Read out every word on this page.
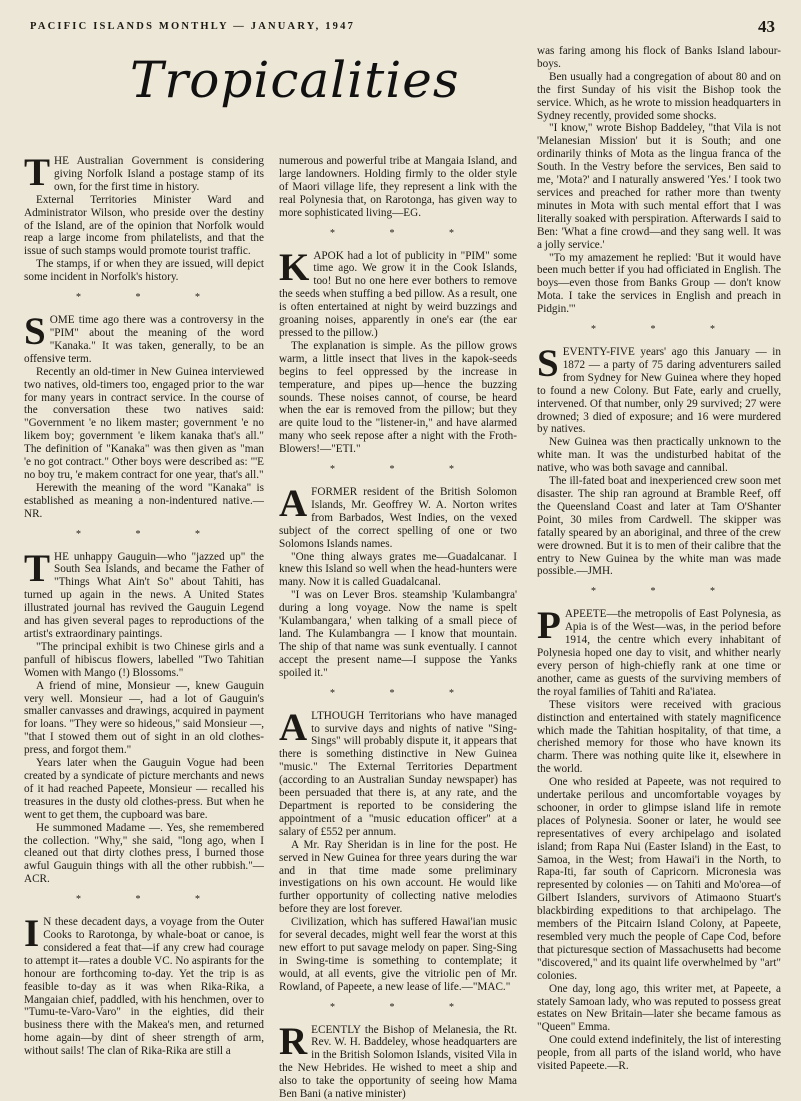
PACIFIC ISLANDS MONTHLY — JANUARY, 1947	43
Tropicalities

THE Australian Government is considering giving Norfolk Island a postage stamp of its own, for the first time in history.

External Territories Minister Ward and Administrator Wilson, who preside over the destiny of the Island, are of the opinion that Norfolk would reap a large income from philatelists, and that the issue of such stamps would promote tourist traffic.

The stamps, if or when they are issued, will depict some incident in Norfolk's history.

* * *

SOME time ago there was a controversy in the "PIM" about the meaning of the word "Kanaka." It was taken, generally, to be an offensive term.

Recently an old-timer in New Guinea interviewed two natives, old-timers too, engaged prior to the war for many years in contract service. In the course of the conversation these two natives said: "Government 'e no likem master; government 'e no likem boy; government 'e likem kanaka that's all." The definition of "Kanaka" was then given as "man 'e no got contract." Other boys were described as: "'E no boy tru, 'e makem contract for one year, that's all."

Herewith the meaning of the word "Kanaka" is established as meaning a non-indentured native.—NR.

* * *

THE unhappy Gauguin—who "jazzed up" the South Sea Islands, and became the Father of "Things What Ain't So" about Tahiti, has turned up again in the news. A United States illustrated journal has revived the Gauguin Legend and has given several pages to reproductions of the artist's extraordinary paintings.

"The principal exhibit is two Chinese girls and a panfull of hibiscus flowers, labelled "Two Tahitian Women with Mango (!) Blossoms."

A friend of mine, Monsieur —, knew Gauguin very well. Monsieur —, had a lot of Gauguin's smaller canvasses and drawings, acquired in payment for loans. "They were so hideous," said Monsieur —, "that I stowed them out of sight in an old clothes-press, and forgot them."

Years later when the Gauguin Vogue had been created by a syndicate of picture merchants and news of it had reached Papeete, Monsieur — recalled his treasures in the dusty old clothes-press. But when he went to get them, the cupboard was bare.

He summoned Madame —. Yes, she remembered the collection. "Why," she said, "long ago, when I cleaned out that dirty clothes press, I burned those awful Gauguin things with all the other rubbish."—ACR.

* * *

I N these decadent days, a voyage from the Outer Cooks to Rarotonga, by whale-boat or canoe, is considered a feat that—if any crew had courage to attempt it—rates a double VC. No aspirants for the honour are forthcoming to-day. Yet the trip is as feasible to-day as it was when Rika-Rika, a Mangaian chief, paddled, with his henchmen, over to "Tumu-te-Varo-Varo" in the eighties, did their business there with the Makea's men, and returned home again—by dint of sheer strength of arm, without sails! The clan of Rika-Rika are still a

numerous and powerful tribe at Mangaia Island, and large landowners. Holding firmly to the older style of Maori village life, they represent a link with the real Polynesia that, on Rarotonga, has given way to more sophisticated living—EG.

* * *

KAPOK had a lot of publicity in "PIM" some time ago. We grow it in the Cook Islands, too! But no one here ever bothers to remove the seeds when stuffing a bed pillow. As a result, one is often entertained at night by weird buzzings and groaning noises, apparently in one's ear (the ear pressed to the pillow.)

The explanation is simple. As the pillow grows warm, a little insect that lives in the kapok-seeds begins to feel oppressed by the increase in temperature, and pipes up—hence the buzzing sounds. These noises cannot, of course, be heard when the ear is removed from the pillow; but they are quite loud to the "listener-in," and have alarmed many who seek repose after a night with the Froth-Blowers!—"ETI."

* * *

AFORMER resident of the British Solomon Islands, Mr. Geoffrey W. A. Norton writes from Barbados, West Indies, on the vexed subject of the correct spelling of one or two Solomons Islands names.

"One thing always grates me—Guadalcanar. I knew this Island so well when the head-hunters were many. Now it is called Guadalcanal.

"I was on Lever Bros. steamship 'Kulambangra' during a long voyage. Now the name is spelt 'Kulambangara,' when talking of a small piece of land. The Kulambangra — I know that mountain. The ship of that name was sunk eventually. I cannot accept the present name—I suppose the Yanks spoiled it."

* * *

ALTHOUGH Territorians who have managed to survive days and nights of native "Sing-Sings" will probably dispute it, it appears that there is something distinctive in New Guinea "music." The External Territories Department (according to an Australian Sunday newspaper) has been persuaded that there is, at any rate, and the Department is reported to be considering the appointment of a "music education officer" at a salary of £552 per annum.

A Mr. Ray Sheridan is in line for the post. He served in New Guinea for three years during the war and in that time made some preliminary investigations on his own account. He would like further opportunity of collecting native melodies before they are lost forever.

Civilization, which has suffered Hawai'ian music for several decades, might well fear the worst at this new effort to put savage melody on paper. Sing-Sing in Swing-time is something to contemplate; it would, at all events, give the vitriolic pen of Mr. Rowland, of Papeete, a new lease of life.—"MAC."

* * *

RECENTLY the Bishop of Melanesia, the Rt. Rev. W. H. Baddeley, whose headquarters are in the British Solomon Islands, visited Vila in the New Hebrides. He wished to meet a ship and also to take the opportunity of seeing how Mama Ben Bani (a native minister)

was faring among his flock of Banks Island labour-boys.

Ben usually had a congregation of about 80 and on the first Sunday of his visit the Bishop took the service. Which, as he wrote to mission headquarters in Sydney recently, provided some shocks.

"I know," wrote Bishop Baddeley, "that Vila is not 'Melanesian Mission' but it is South; and one ordinarily thinks of Mota as the lingua franca of the South. In the Vestry before the services, Ben said to me, 'Mota?' and I naturally answered 'Yes.' I took two services and preached for rather more than twenty minutes in Mota with such mental effort that I was literally soaked with perspiration. Afterwards I said to Ben: 'What a fine crowd—and they sang well. It was a jolly service.'

"To my amazement he replied: 'But it would have been much better if you had officiated in English. The boys—even those from Banks Group — don't know Mota. I take the services in English and preach in Pidgin.'"

* * *

SEVENTY-FIVE years' ago this January — in 1872 — a party of 75 daring adventurers sailed from Sydney for New Guinea where they hoped to found a new Colony. But Fate, early and cruelly, intervened. Of that number, only 29 survived; 27 were drowned; 3 died of exposure; and 16 were murdered by natives.

New Guinea was then practically unknown to the white man. It was the undisturbed habitat of the native, who was both savage and cannibal.

The ill-fated boat and inexperienced crew soon met disaster. The ship ran aground at Bramble Reef, off the Queensland Coast and later at Tam O'Shanter Point, 30 miles from Cardwell. The skipper was fatally speared by an aboriginal, and three of the crew were drowned. But it is to men of their calibre that the entry to New Guinea by the white man was made possible.—JMH.

* * *

PAPEETE—the metropolis of East Polynesia, as Apia is of the West—was, in the period before 1914, the centre which every inhabitant of Polynesia hoped one day to visit, and whither nearly every person of high-chiefly rank at one time or another, came as guests of the surviving members of the royal families of Tahiti and Ra'iatea.

These visitors were received with gracious distinction and entertained with stately magnificence which made the Tahitian hospitality, of that time, a cherished memory for those who have known its charm. There was nothing quite like it, elsewhere in the world.

One who resided at Papeete, was not required to undertake perilous and uncomfortable voyages by schooner, in order to glimpse island life in remote places of Polynesia. Sooner or later, he would see representatives of every archipelago and isolated island; from Rapa Nui (Easter Island) in the East, to Samoa, in the West; from Hawai'i in the North, to Rapa-Iti, far south of Capricorn. Micronesia was represented by colonies — on Tahiti and Mo'orea—of Gilbert Islanders, survivors of Atimaono Stuart's blackbirding expeditions to that archipelago. The members of the Pitcairn Island Colony, at Papeete, resembled very much the people of Cape Cod, before that picturesque section of Massachusetts had become "discovered," and its quaint life overwhelmed by "art" colonies.

One day, long ago, this writer met, at Papeete, a stately Samoan lady, who was reputed to possess great estates on New Britain—later she became famous as "Queen" Emma.

One could extend indefinitely, the list of interesting people, from all parts of the island world, who have visited Papeete.—R.
